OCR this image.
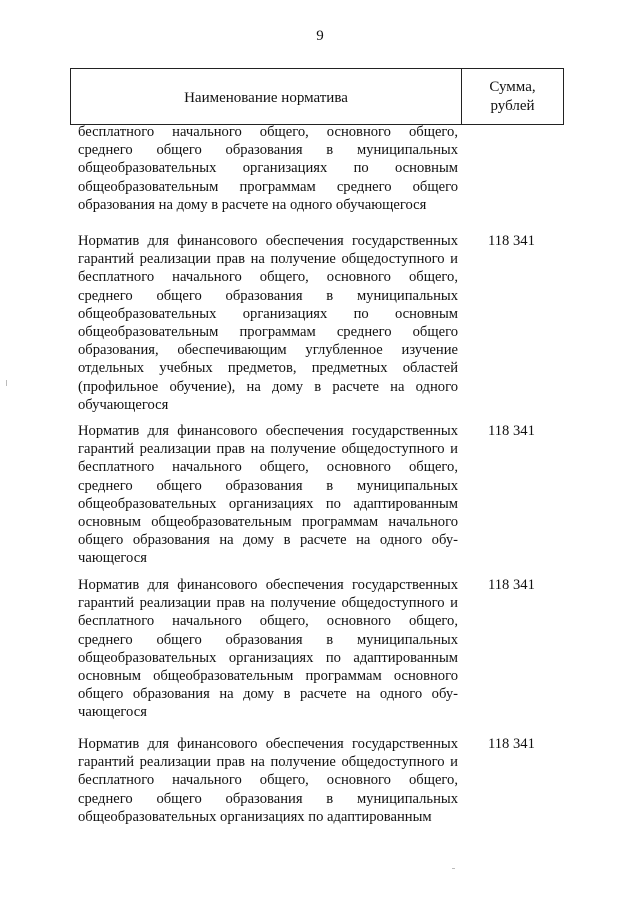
9
Наименование норматива
Сумма,
рублей
бесплатного начального общего, основного общего, среднего общего образования в муниципальных общеобразовательных организациях по основным общеобразовательным программам среднего общего образования на дому в расчете на одного обучающегося
Норматив для финансового обеспечения государственных гарантий реализации прав на получение общедоступного и бесплатного начального общего, основного общего, среднего общего образования в муниципальных общеобразовательных организациях по основным общеобразовательным программам среднего общего образования, обеспечивающим углубленное изучение отдельных учебных предметов, предметных областей (профильное обучение), на дому в расчете на одного обучающегося
118 341
Норматив для финансового обеспечения государственных гарантий реализации прав на получение общедоступного и бесплатного начального общего, основного общего, среднего общего образования в муниципальных общеобразовательных организациях по адаптированным основным общеобразовательным программам начального общего образования на дому в расчете на одного обу-чающегося
118 341
Норматив для финансового обеспечения государственных гарантий реализации прав на получение общедоступного и бесплатного начального общего, основного общего, среднего общего образования в муниципальных общеобразовательных организациях по адаптированным основным общеобразовательным программам основного общего образования на дому в расчете на одного обу-чающегося
118 341
Норматив для финансового обеспечения государственных гарантий реализации прав на получение общедоступного и бесплатного начального общего, основного общего, среднего общего образования в муниципальных общеобразовательных организациях по адаптированным
118 341
